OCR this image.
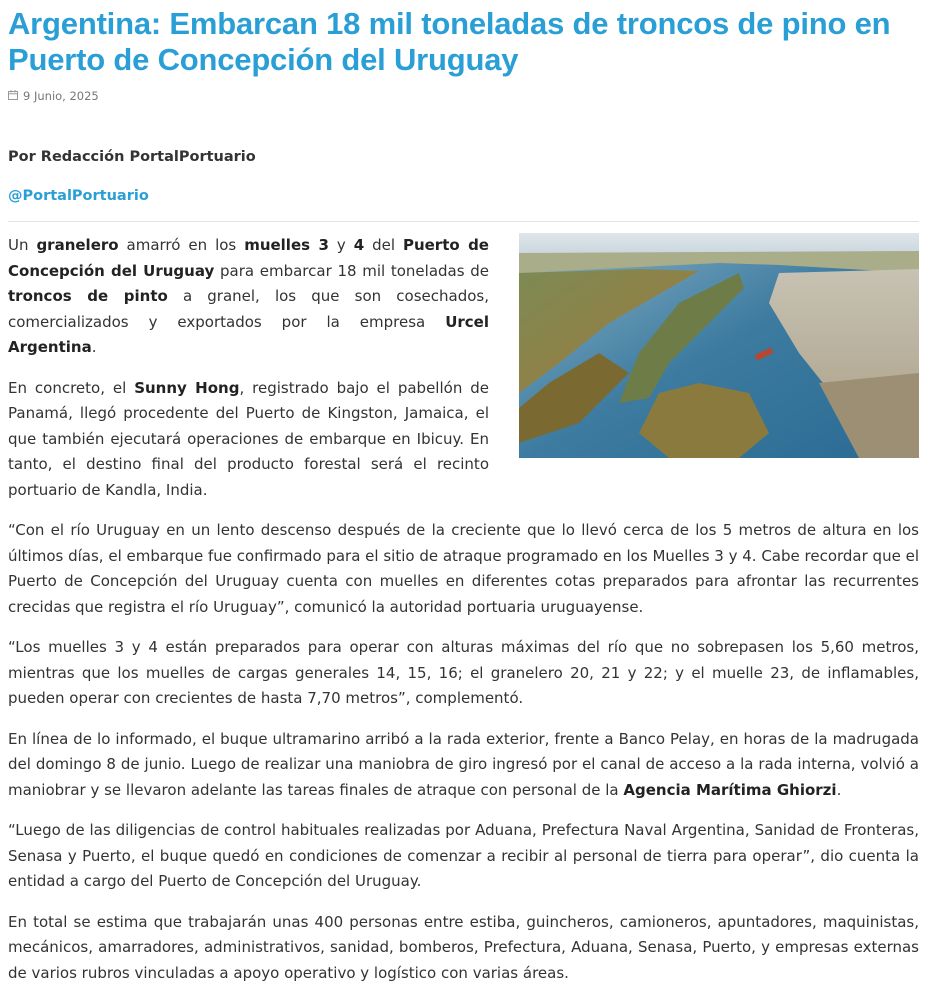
Argentina: Embarcan 18 mil toneladas de troncos de pino en Puerto de Concepción del Uruguay
9 Junio, 2025
Por Redacción PortalPortuario
@PortalPortuario

Un granelero amarró en los muelles 3 y 4 del Puerto de Concepción del Uruguay para embarcar 18 mil toneladas de troncos de pinto a granel, los que son cosechados, comercializados y exportados por la empresa Urcel Argentina.

En concreto, el Sunny Hong, registrado bajo el pabellón de Panamá, llegó procedente del Puerto de Kingston, Jamaica, el que también ejecutará operaciones de embarque en Ibicuy. En tanto, el destino final del producto forestal será el recinto portuario de Kandla, India.

“Con el río Uruguay en un lento descenso después de la creciente que lo llevó cerca de los 5 metros de altura en los últimos días, el embarque fue confirmado para el sitio de atraque programado en los Muelles 3 y 4. Cabe recordar que el Puerto de Concepción del Uruguay cuenta con muelles en diferentes cotas preparados para afrontar las recurrentes crecidas que registra el río Uruguay”, comunicó la autoridad portuaria uruguayense.

“Los muelles 3 y 4 están preparados para operar con alturas máximas del río que no sobrepasen los 5,60 metros, mientras que los muelles de cargas generales 14, 15, 16; el granelero 20, 21 y 22; y el muelle 23, de inflamables, pueden operar con crecientes de hasta 7,70 metros”, complementó.

En línea de lo informado, el buque ultramarino arribó a la rada exterior, frente a Banco Pelay, en horas de la madrugada del domingo 8 de junio. Luego de realizar una maniobra de giro ingresó por el canal de acceso a la rada interna, volvió a maniobrar y se llevaron adelante las tareas finales de atraque con personal de la Agencia Marítima Ghiorzi.

“Luego de las diligencias de control habituales realizadas por Aduana, Prefectura Naval Argentina, Sanidad de Fronteras, Senasa y Puerto, el buque quedó en condiciones de comenzar a recibir al personal de tierra para operar”, dio cuenta la entidad a cargo del Puerto de Concepción del Uruguay.

En total se estima que trabajarán unas 400 personas entre estiba, guincheros, camioneros, apuntadores, maquinistas, mecánicos, amarradores, administrativos, sanidad, bomberos, Prefectura, Aduana, Senasa, Puerto, y empresas externas de varios rubros vinculadas a apoyo operativo y logístico con varias áreas.
